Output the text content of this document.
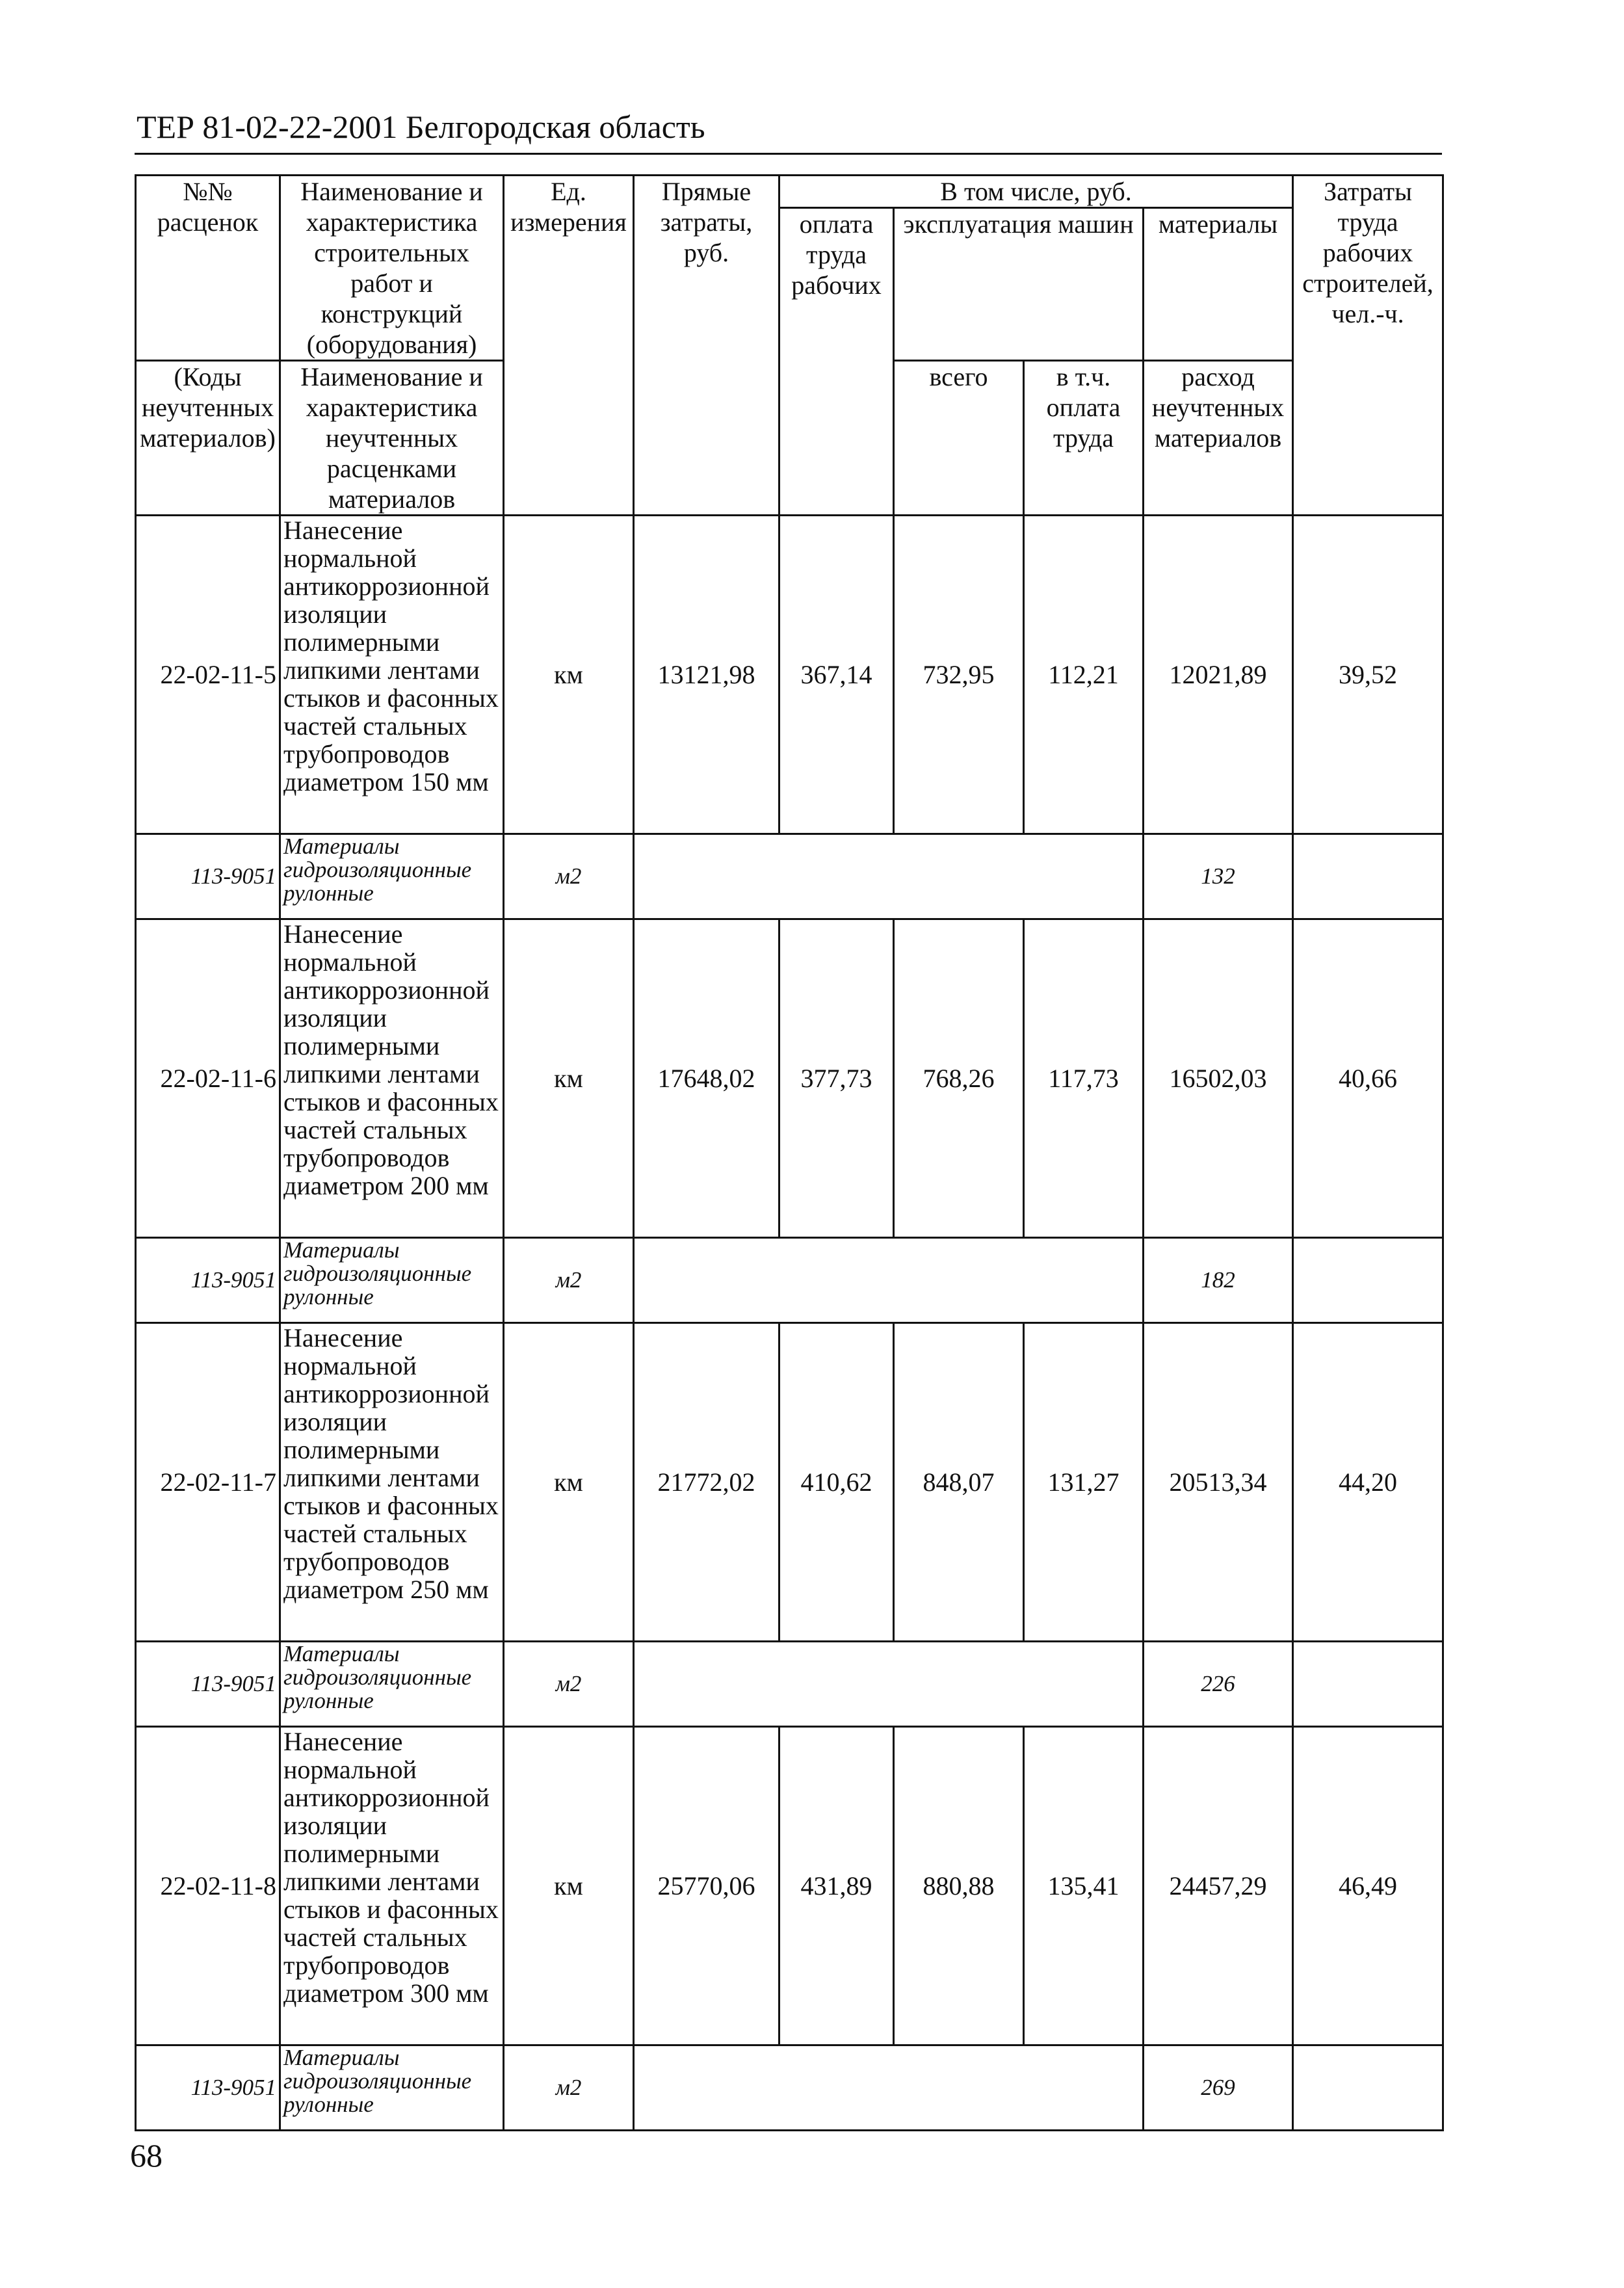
ТЕР 81-02-22-2001 Белгородская область
№№ расценок	Наименование и характеристика строительных работ и конструкций (оборудования)	Ед. измерения	Прямые затраты, руб.	В том числе, руб.				Затраты труда рабочих строителей, чел.-ч.
				оплата труда рабочих	эксплуатация машин		материалы	
(Коды неучтенных материалов)	Наименование и характеристика неучтенных расценками материалов				всего	в т.ч. оплата труда	расход неучтенных материалов	

22-02-11-5	Нанесение нормальной антикоррозионной изоляции полимерными липкими лентами стыков и фасонных частей стальных трубопроводов диаметром 150 мм	км	13121,98	367,14	732,95	112,21	12021,89	39,52
113-9051	Материалы гидроизоляционные рулонные	м2					132	
22-02-11-6	Нанесение нормальной антикоррозионной изоляции полимерными липкими лентами стыков и фасонных частей стальных трубопроводов диаметром 200 мм	км	17648,02	377,73	768,26	117,73	16502,03	40,66
113-9051	Материалы гидроизоляционные рулонные	м2					182	
22-02-11-7	Нанесение нормальной антикоррозионной изоляции полимерными липкими лентами стыков и фасонных частей стальных трубопроводов диаметром 250 мм	км	21772,02	410,62	848,07	131,27	20513,34	44,20
113-9051	Материалы гидроизоляционные рулонные	м2					226	
22-02-11-8	Нанесение нормальной антикоррозионной изоляции полимерными липкими лентами стыков и фасонных частей стальных трубопроводов диаметром 300 мм	км	25770,06	431,89	880,88	135,41	24457,29	46,49
113-9051	Материалы гидроизоляционные рулонные	м2					269	
68
